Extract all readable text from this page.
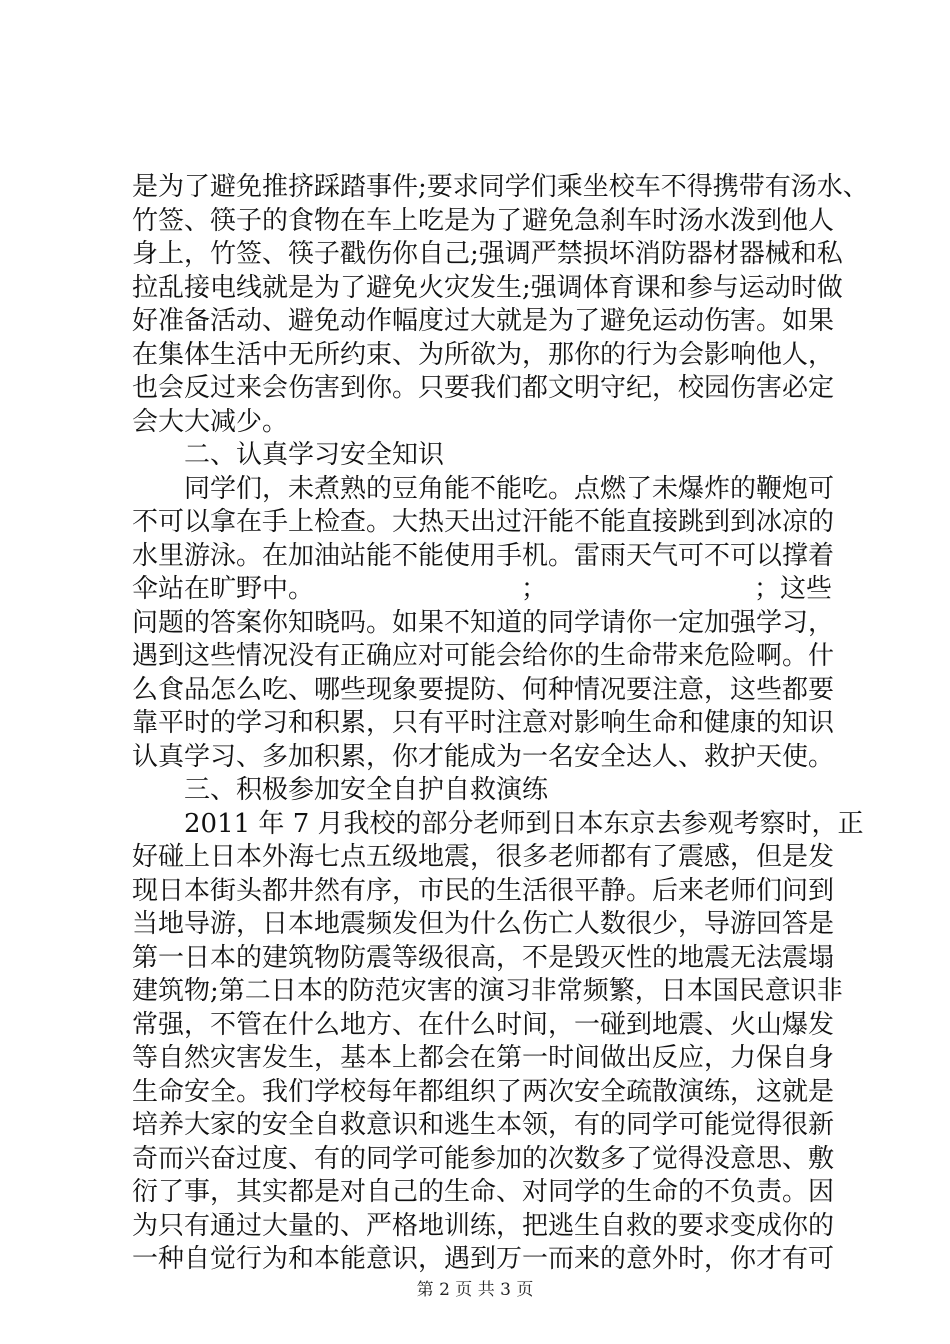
是为了避免推挤踩踏事件;要求同学们乘坐校车不得携带有汤水、
竹签、筷子的食物在车上吃是为了避免急刹车时汤水泼到他人
身上，竹签、筷子戳伤你自己;强调严禁损坏消防器材器械和私
拉乱接电线就是为了避免火灾发生;强调体育课和参与运动时做
好准备活动、避免动作幅度过大就是为了避免运动伤害。如果
在集体生活中无所约束、为所欲为，那你的行为会影响他人，
也会反过来会伤害到你。只要我们都文明守纪，校园伤害必定
会大大减少。
　　二、认真学习安全知识
　　同学们，未煮熟的豆角能不能吃。点燃了未爆炸的鞭炮可
不可以拿在手上检查。大热天出过汗能不能直接跳到到冰凉的
水里游泳。在加油站能不能使用手机。雷雨天气可不可以撑着
伞站在旷野中。	；	；这些
问题的答案你知晓吗。如果不知道的同学请你一定加强学习，
遇到这些情况没有正确应对可能会给你的生命带来危险啊。什
么食品怎么吃、哪些现象要提防、何种情况要注意，这些都要
靠平时的学习和积累，只有平时注意对影响生命和健康的知识
认真学习、多加积累，你才能成为一名安全达人、救护天使。
　　三、积极参加安全自护自救演练
　　2011 年 7 月我校的部分老师到日本东京去参观考察时，正
好碰上日本外海七点五级地震，很多老师都有了震感，但是发
现日本街头都井然有序，市民的生活很平静。后来老师们问到
当地导游，日本地震频发但为什么伤亡人数很少，导游回答是
第一日本的建筑物防震等级很高，不是毁灭性的地震无法震塌
建筑物;第二日本的防范灾害的演习非常频繁，日本国民意识非
常强，不管在什么地方、在什么时间，一碰到地震、火山爆发
等自然灾害发生，基本上都会在第一时间做出反应，力保自身
生命安全。我们学校每年都组织了两次安全疏散演练，这就是
培养大家的安全自救意识和逃生本领，有的同学可能觉得很新
奇而兴奋过度、有的同学可能参加的次数多了觉得没意思、敷
衍了事，其实都是对自己的生命、对同学的生命的不负责。因
为只有通过大量的、严格地训练，把逃生自救的要求变成你的
一种自觉行为和本能意识，遇到万一而来的意外时，你才有可
第 2 页 共 3 页
